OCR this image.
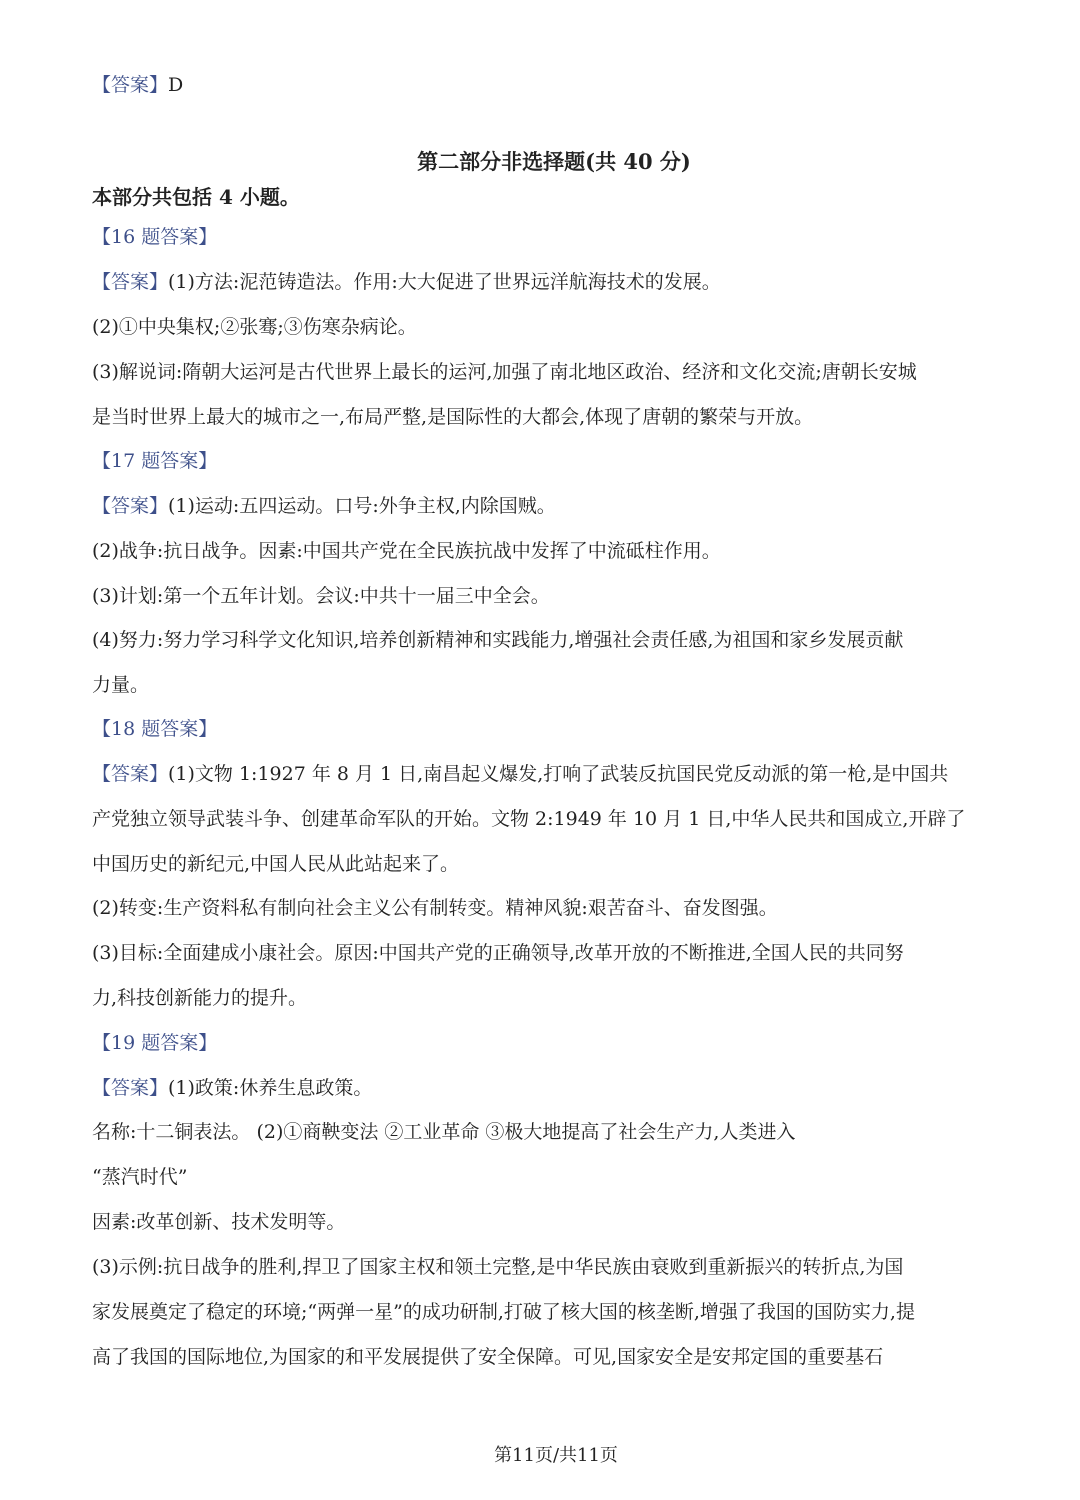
【答案】D
第二部分非选择题(共 40 分)
本部分共包括 4 小题。
【16 题答案】
【答案】(1)方法:泥范铸造法。作用:大大促进了世界远洋航海技术的发展。
(2)①中央集权;②张骞;③伤寒杂病论。
(3)解说词:隋朝大运河是古代世界上最长的运河,加强了南北地区政治、经济和文化交流;唐朝长安城
是当时世界上最大的城市之一,布局严整,是国际性的大都会,体现了唐朝的繁荣与开放。
【17 题答案】
【答案】(1)运动:五四运动。口号:外争主权,内除国贼。
(2)战争:抗日战争。因素:中国共产党在全民族抗战中发挥了中流砥柱作用。
(3)计划:第一个五年计划。会议:中共十一届三中全会。
(4)努力:努力学习科学文化知识,培养创新精神和实践能力,增强社会责任感,为祖国和家乡发展贡献
力量。
【18 题答案】
【答案】(1)文物 1:1927 年 8 月 1 日,南昌起义爆发,打响了武装反抗国民党反动派的第一枪,是中国共
产党独立领导武装斗争、创建革命军队的开始。文物 2:1949 年 10 月 1 日,中华人民共和国成立,开辟了
中国历史的新纪元,中国人民从此站起来了。
(2)转变:生产资料私有制向社会主义公有制转变。精神风貌:艰苦奋斗、奋发图强。
(3)目标:全面建成小康社会。原因:中国共产党的正确领导,改革开放的不断推进,全国人民的共同努
力,科技创新能力的提升。
【19 题答案】
【答案】(1)政策:休养生息政策。
名称:十二铜表法。 (2)①商鞅变法 ②工业革命 ③极大地提高了社会生产力,人类进入
“蒸汽时代”
因素:改革创新、技术发明等。
(3)示例:抗日战争的胜利,捍卫了国家主权和领土完整,是中华民族由衰败到重新振兴的转折点,为国
家发展奠定了稳定的环境;“两弹一星”的成功研制,打破了核大国的核垄断,增强了我国的国防实力,提
高了我国的国际地位,为国家的和平发展提供了安全保障。可见,国家安全是安邦定国的重要基石
第11页/共11页
